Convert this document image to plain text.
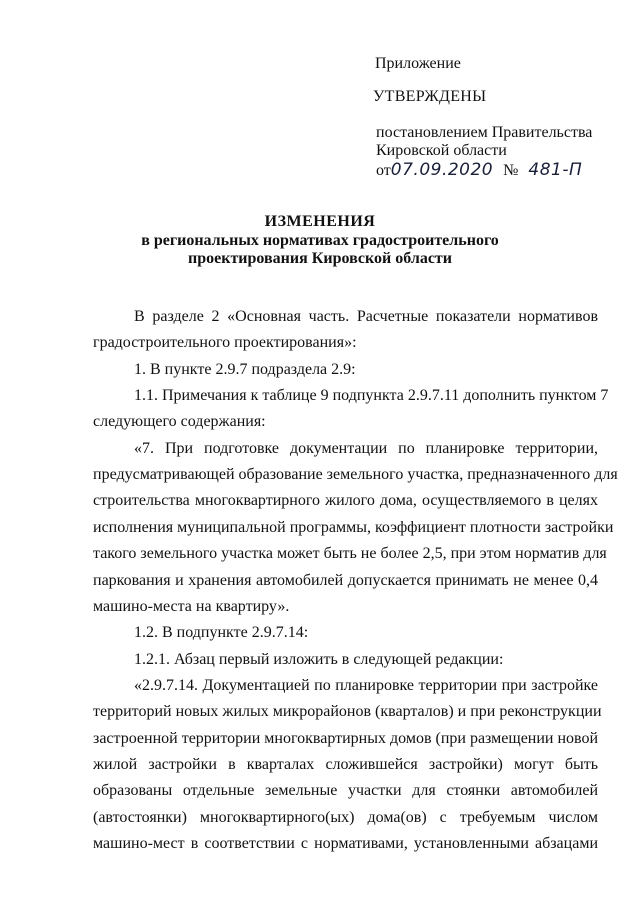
Приложение

УТВЕРЖДЕНЫ

постановлением Правительства

Кировской области

от07.09.2020 № 481-П

ИЗМЕНЕНИЯ

в региональных нормативах градостроительного

проектирования Кировской области

В разделе 2 «Основная часть. Расчетные показатели нормативов

градостроительного проектирования»:

1. В пункте 2.9.7 подраздела 2.9:

1.1. Примечания к таблице 9 подпункта 2.9.7.11 дополнить пунктом 7

следующего содержания:

«7. При подготовке документации по планировке территории,

предусматривающей образование земельного участка, предназначенного для

строительства многоквартирного жилого дома, осуществляемого в целях

исполнения муниципальной программы, коэффициент плотности застройки

такого земельного участка может быть не более 2,5, при этом норматив для

паркования и хранения автомобилей допускается принимать не менее 0,4

машино-места на квартиру».

1.2. В подпункте 2.9.7.14:

1.2.1. Абзац первый изложить в следующей редакции:

«2.9.7.14. Документацией по планировке территории при застройке

территорий новых жилых микрорайонов (кварталов) и при реконструкции

застроенной территории многоквартирных домов (при размещении новой

жилой застройки в кварталах сложившейся застройки) могут быть

образованы отдельные земельные участки для стоянки автомобилей

(автостоянки) многоквартирного(ых) дома(ов) с требуемым числом

машино-мест в соответствии с нормативами, установленными абзацами
